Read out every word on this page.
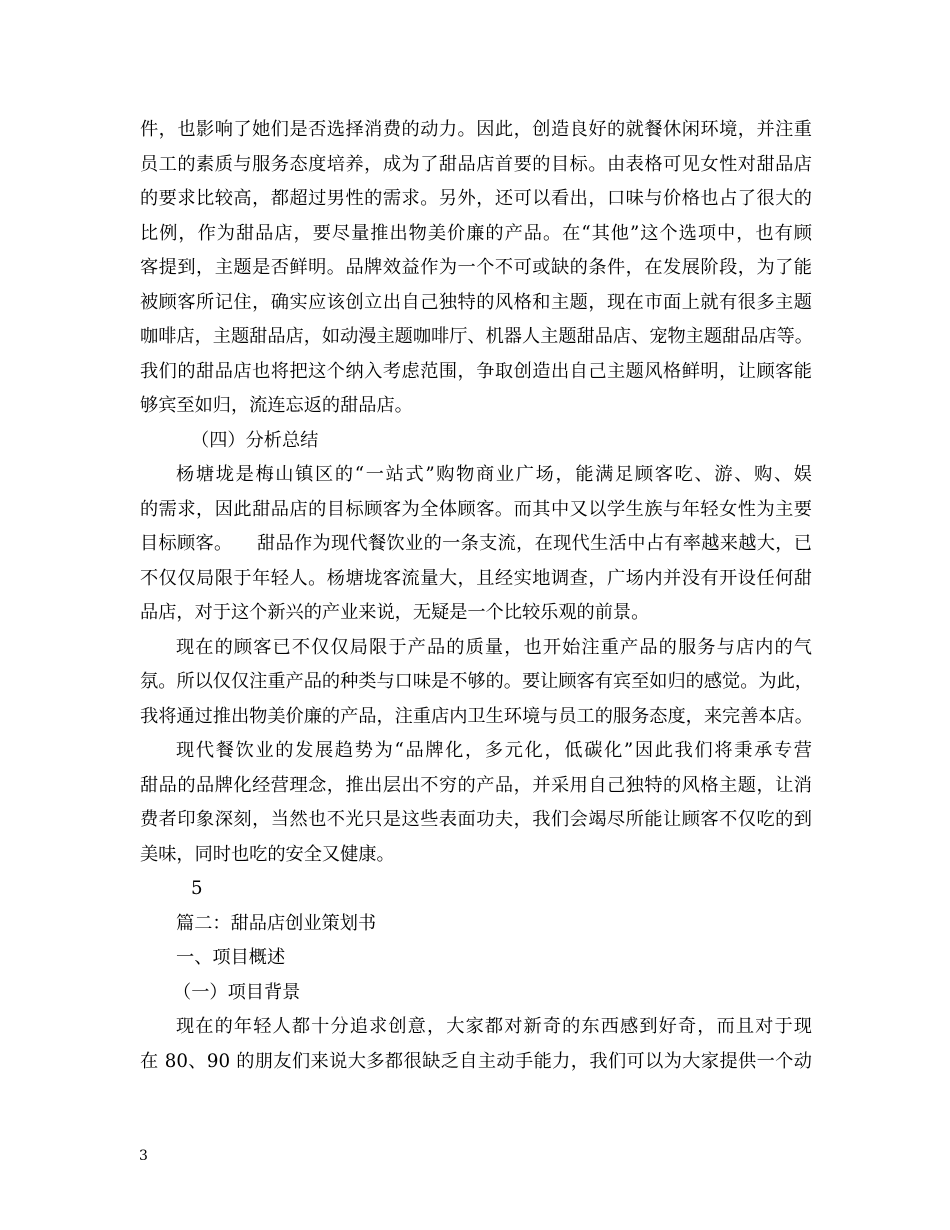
件，也影响了她们是否选择消费的动力。因此，创造良好的就餐休闲环境，并注重
员工的素质与服务态度培养，成为了甜品店首要的目标。由表格可见女性对甜品店
的要求比较高，都超过男性的需求。另外，还可以看出，口味与价格也占了很大的
比例，作为甜品店，要尽量推出物美价廉的产品。在“其他”这个选项中，也有顾
客提到，主题是否鲜明。品牌效益作为一个不可或缺的条件，在发展阶段，为了能
被顾客所记住，确实应该创立出自己独特的风格和主题，现在市面上就有很多主题
咖啡店，主题甜品店，如动漫主题咖啡厅、机器人主题甜品店、宠物主题甜品店等。
我们的甜品店也将把这个纳入考虑范围，争取创造出自己主题风格鲜明，让顾客能
够宾至如归，流连忘返的甜品店。
（四）分析总结
杨塘垅是梅山镇区的“一站式”购物商业广场，能满足顾客吃、游、购、娱
的需求，因此甜品店的目标顾客为全体顾客。而其中又以学生族与年轻女性为主要
目标顾客。    甜品作为现代餐饮业的一条支流，在现代生活中占有率越来越大，已
不仅仅局限于年轻人。杨塘垅客流量大，且经实地调查，广场内并没有开设任何甜
品店，对于这个新兴的产业来说，无疑是一个比较乐观的前景。
现在的顾客已不仅仅局限于产品的质量，也开始注重产品的服务与店内的气
氛。所以仅仅注重产品的种类与口味是不够的。要让顾客有宾至如归的感觉。为此，
我将通过推出物美价廉的产品，注重店内卫生环境与员工的服务态度，来完善本店。
现代餐饮业的发展趋势为“品牌化，多元化，低碳化”因此我们将秉承专营
甜品的品牌化经营理念，推出层出不穷的产品，并采用自己独特的风格主题，让消
费者印象深刻，当然也不光只是这些表面功夫，我们会竭尽所能让顾客不仅吃的到
美味，同时也吃的安全又健康。
5
篇二：甜品店创业策划书
一、项目概述
（一）项目背景
现在的年轻人都十分追求创意，大家都对新奇的东西感到好奇，而且对于现
在 80、90 的朋友们来说大多都很缺乏自主动手能力，我们可以为大家提供一个动
3
